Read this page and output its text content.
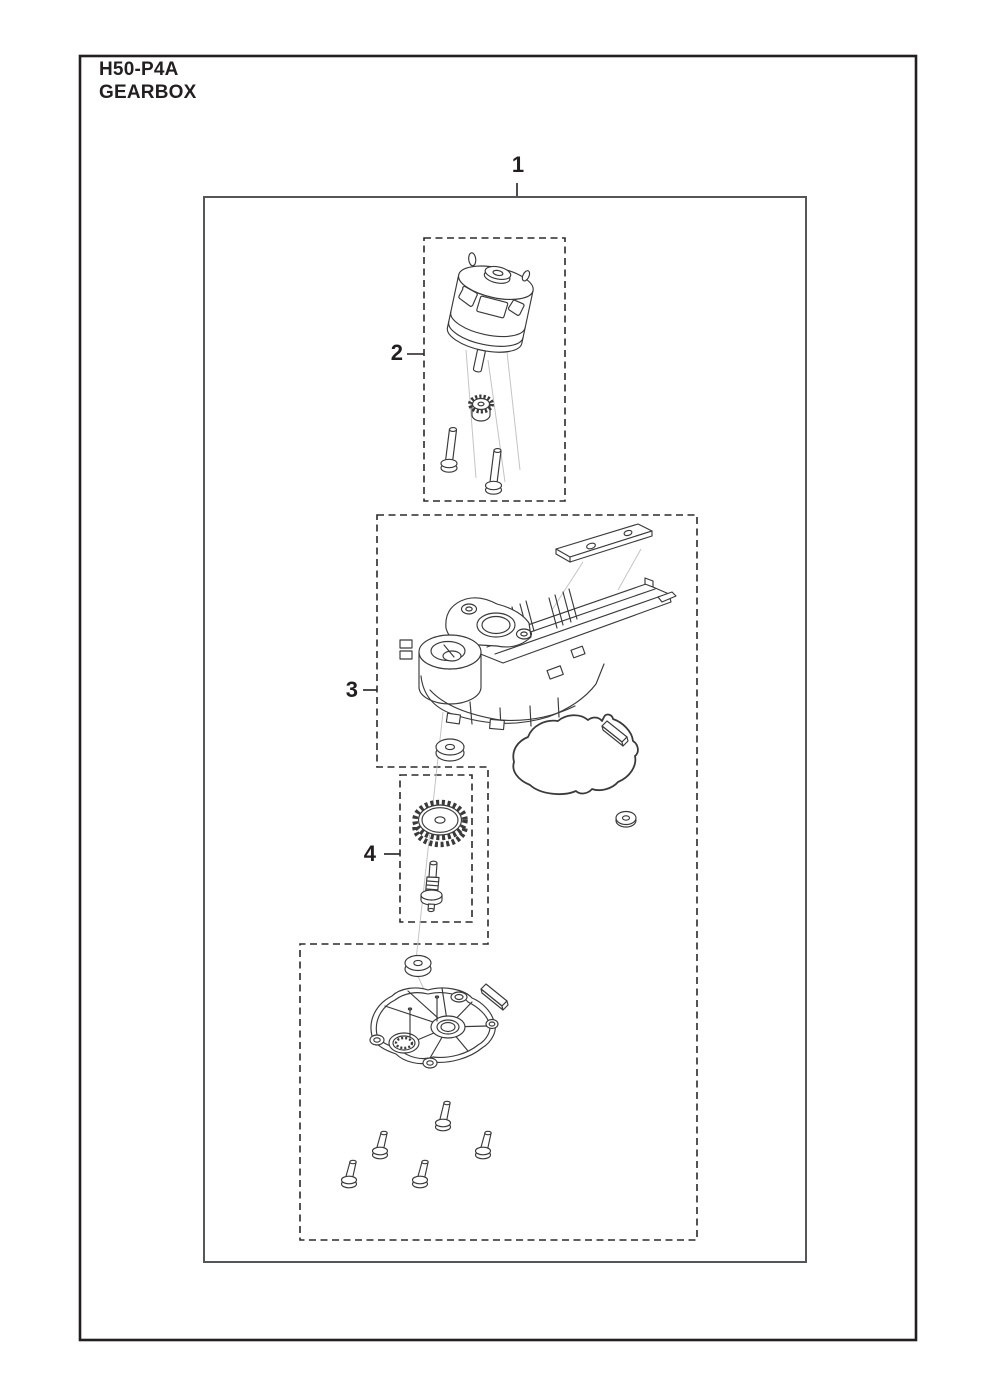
H50-P4A
GEARBOX
1
2
3
4
